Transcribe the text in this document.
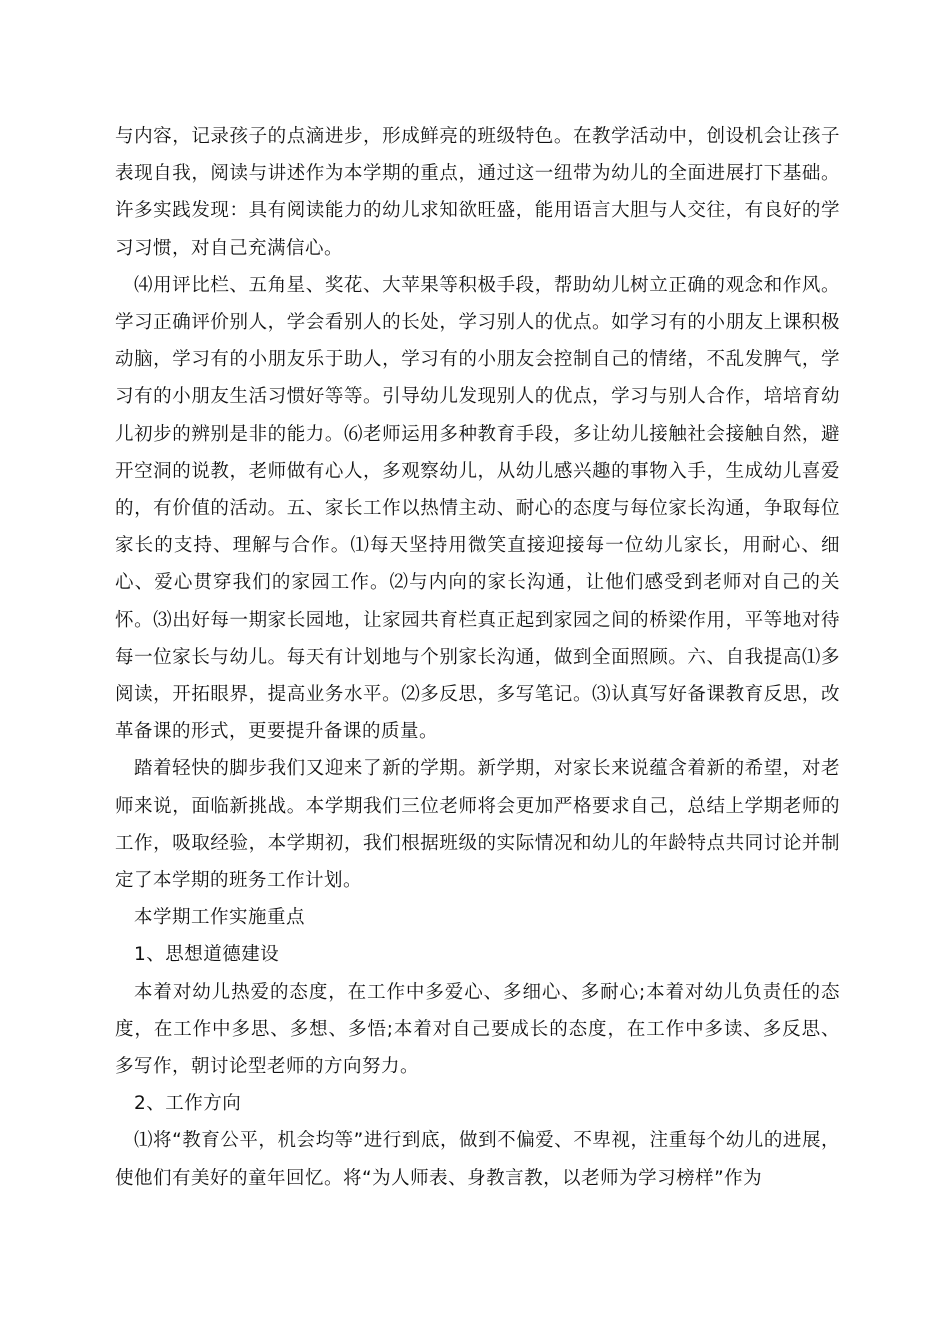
与内容，记录孩子的点滴进步，形成鲜亮的班级特色。在教学活动中，创设机会让孩子表现自我，阅读与讲述作为本学期的重点，通过这一纽带为幼儿的全面进展打下基础。许多实践发现：具有阅读能力的幼儿求知欲旺盛，能用语言大胆与人交往，有良好的学习习惯，对自己充满信心。

⑷用评比栏、五角星、奖花、大苹果等积极手段，帮助幼儿树立正确的观念和作风。学习正确评价别人，学会看别人的长处，学习别人的优点。如学习有的小朋友上课积极动脑，学习有的小朋友乐于助人，学习有的小朋友会控制自己的情绪，不乱发脾气，学习有的小朋友生活习惯好等等。引导幼儿发现别人的优点，学习与别人合作，培培育幼儿初步的辨别是非的能力。⑹老师运用多种教育手段，多让幼儿接触社会接触自然，避开空洞的说教，老师做有心人，多观察幼儿，从幼儿感兴趣的事物入手，生成幼儿喜爱的，有价值的活动。五、家长工作以热情主动、耐心的态度与每位家长沟通，争取每位家长的支持、理解与合作。⑴每天坚持用微笑直接迎接每一位幼儿家长，用耐心、细心、爱心贯穿我们的家园工作。⑵与内向的家长沟通，让他们感受到老师对自己的关怀。⑶出好每一期家长园地，让家园共育栏真正起到家园之间的桥梁作用，平等地对待每一位家长与幼儿。每天有计划地与个别家长沟通，做到全面照顾。六、自我提高⑴多阅读，开拓眼界，提高业务水平。⑵多反思，多写笔记。⑶认真写好备课教育反思，改革备课的形式，更要提升备课的质量。

踏着轻快的脚步我们又迎来了新的学期。新学期，对家长来说蕴含着新的希望，对老师来说，面临新挑战。本学期我们三位老师将会更加严格要求自己，总结上学期老师的工作，吸取经验，本学期初，我们根据班级的实际情况和幼儿的年龄特点共同讨论并制定了本学期的班务工作计划。

本学期工作实施重点

1、思想道德建设

本着对幼儿热爱的态度，在工作中多爱心、多细心、多耐心;本着对幼儿负责任的态度，在工作中多思、多想、多悟;本着对自己要成长的态度，在工作中多读、多反思、多写作，朝讨论型老师的方向努力。

2、工作方向

⑴将“教育公平，机会均等”进行到底，做到不偏爱、不卑视，注重每个幼儿的进展，使他们有美好的童年回忆。将“为人师表、身教言教，以老师为学习榜样”作为
